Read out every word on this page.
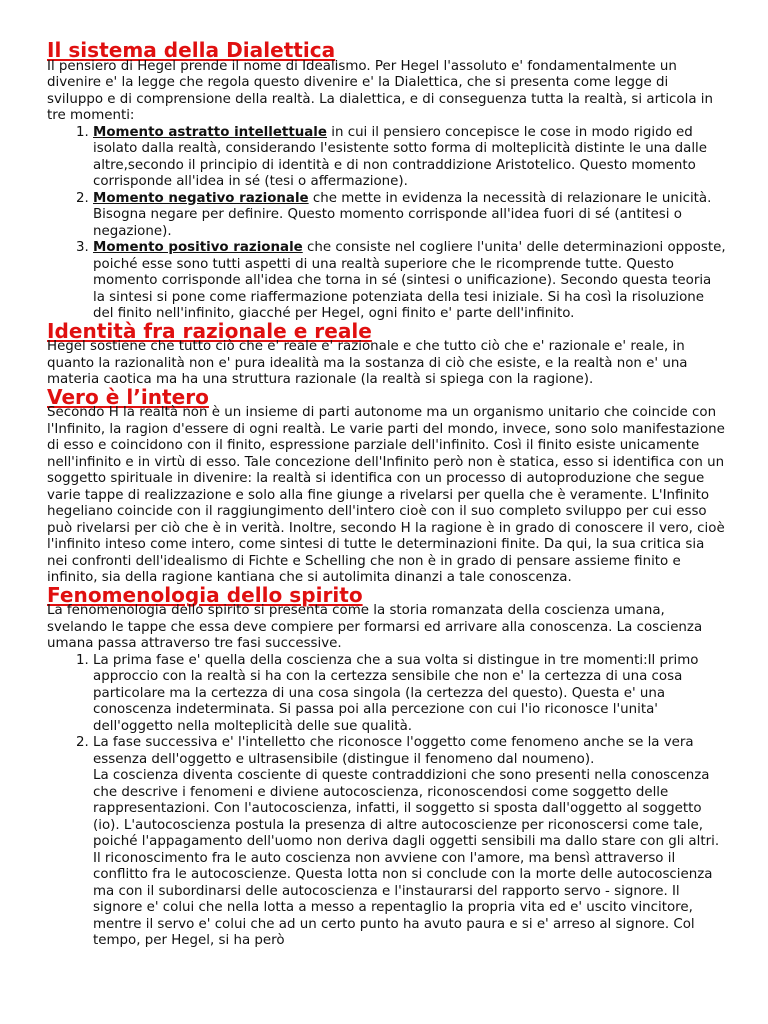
Il sistema della Dialettica

Il pensiero di Hegel prende il nome di Idealismo. Per Hegel l'assoluto e' fondamentalmente un divenire e' la legge che regola questo divenire e' la Dialettica, che si presenta come legge di sviluppo e di comprensione della realtà. La dialettica, e di conseguenza tutta la realtà, si articola in tre momenti:

1. Momento astratto intellettuale in cui il pensiero concepisce le cose in modo rigido ed isolato dalla realtà, considerando l'esistente sotto forma di molteplicità distinte le una dalle altre,secondo il principio di identità e di non contraddizione Aristotelico. Questo momento corrisponde all'idea in sé (tesi o affermazione).
2. Momento negativo razionale che mette in evidenza la necessità di relazionare le unicità. Bisogna negare per definire. Questo momento corrisponde all'idea fuori di sé (antitesi o negazione).
3. Momento positivo razionale che consiste nel cogliere l'unita' delle determinazioni opposte, poiché esse sono tutti aspetti di una realtà superiore che le ricomprende tutte. Questo momento corrisponde all'idea che torna in sé (sintesi o unificazione). Secondo questa teoria la sintesi si pone come riaffermazione potenziata della tesi iniziale. Si ha così la risoluzione del finito nell'infinito, giacché per Hegel, ogni finito e' parte dell'infinito.
Identità fra razionale e reale

Hegel sostiene che tutto ciò che e' reale e' razionale e che tutto ciò che e' razionale e' reale, in quanto la razionalità non e' pura idealità ma la sostanza di ciò che esiste, e la realtà non e' una materia caotica ma ha una struttura razionale (la realtà si spiega con la ragione).

Vero è l’intero

Secondo H la realtà non è un insieme di parti autonome ma un organismo unitario che coincide con l'Infinito, la ragion d'essere di ogni realtà. Le varie parti del mondo, invece, sono solo manifestazione di esso e coincidono con il finito, espressione parziale dell'infinito. Così il finito esiste unicamente nell'infinito e in virtù di esso. Tale concezione dell'Infinito però non è statica, esso si identifica con un soggetto spirituale in divenire: la realtà si identifica con un processo di autoproduzione che segue varie tappe di realizzazione e solo alla fine giunge a rivelarsi per quella che è veramente. L'Infinito hegeliano coincide con il raggiungimento dell'intero cioè con il suo completo sviluppo per cui esso può rivelarsi per ciò che è in verità. Inoltre, secondo H la ragione è in grado di conoscere il vero, cioè l'infinito inteso come intero, come sintesi di tutte le determinazioni finite. Da qui, la sua critica sia nei confronti dell'idealismo di Fichte e Schelling che non è in grado di pensare assieme finito e infinito, sia della ragione kantiana che si autolimita dinanzi a tale conoscenza.

Fenomenologia dello spirito

La fenomenologia dello spirito si presenta come la storia romanzata della coscienza umana, svelando le tappe che essa deve compiere per formarsi ed arrivare alla conoscenza. La coscienza umana passa attraverso tre fasi successive.

1. La prima fase e' quella della coscienza che a sua volta si distingue in tre momenti:Il primo approccio con la realtà si ha con la certezza sensibile che non e' la certezza di una cosa particolare ma la certezza di una cosa singola (la certezza del questo). Questa e' una conoscenza indeterminata. Si passa poi alla percezione con cui l'io riconosce l'unita' dell'oggetto nella molteplicità delle sue qualità.
2. La fase successiva e' l'intelletto che riconosce l'oggetto come fenomeno anche se la vera essenza dell'oggetto e ultrasensibile (distingue il fenomeno dal noumeno).
La coscienza diventa cosciente di queste contraddizioni che sono presenti nella conoscenza che descrive i fenomeni e diviene autocoscienza, riconoscendosi come soggetto delle rappresentazioni. Con l'autocoscienza, infatti, il soggetto si sposta dall'oggetto al soggetto (io). L'autocoscienza postula la presenza di altre autocoscienze per riconoscersi come tale, poiché l'appagamento dell'uomo non deriva dagli oggetti sensibili ma dallo stare con gli altri. Il riconoscimento fra le auto coscienza non avviene con l'amore, ma bensì attraverso il conflitto fra le autocoscienze. Questa lotta non si conclude con la morte delle autocoscienza ma con il subordinarsi delle autocoscienza e l'instaurarsi del rapporto servo - signore. Il signore e' colui che nella lotta a messo a repentaglio la propria vita ed e' uscito vincitore, mentre il servo e' colui che ad un certo punto ha avuto paura e si e' arreso al signore. Col tempo, per Hegel, si ha però
